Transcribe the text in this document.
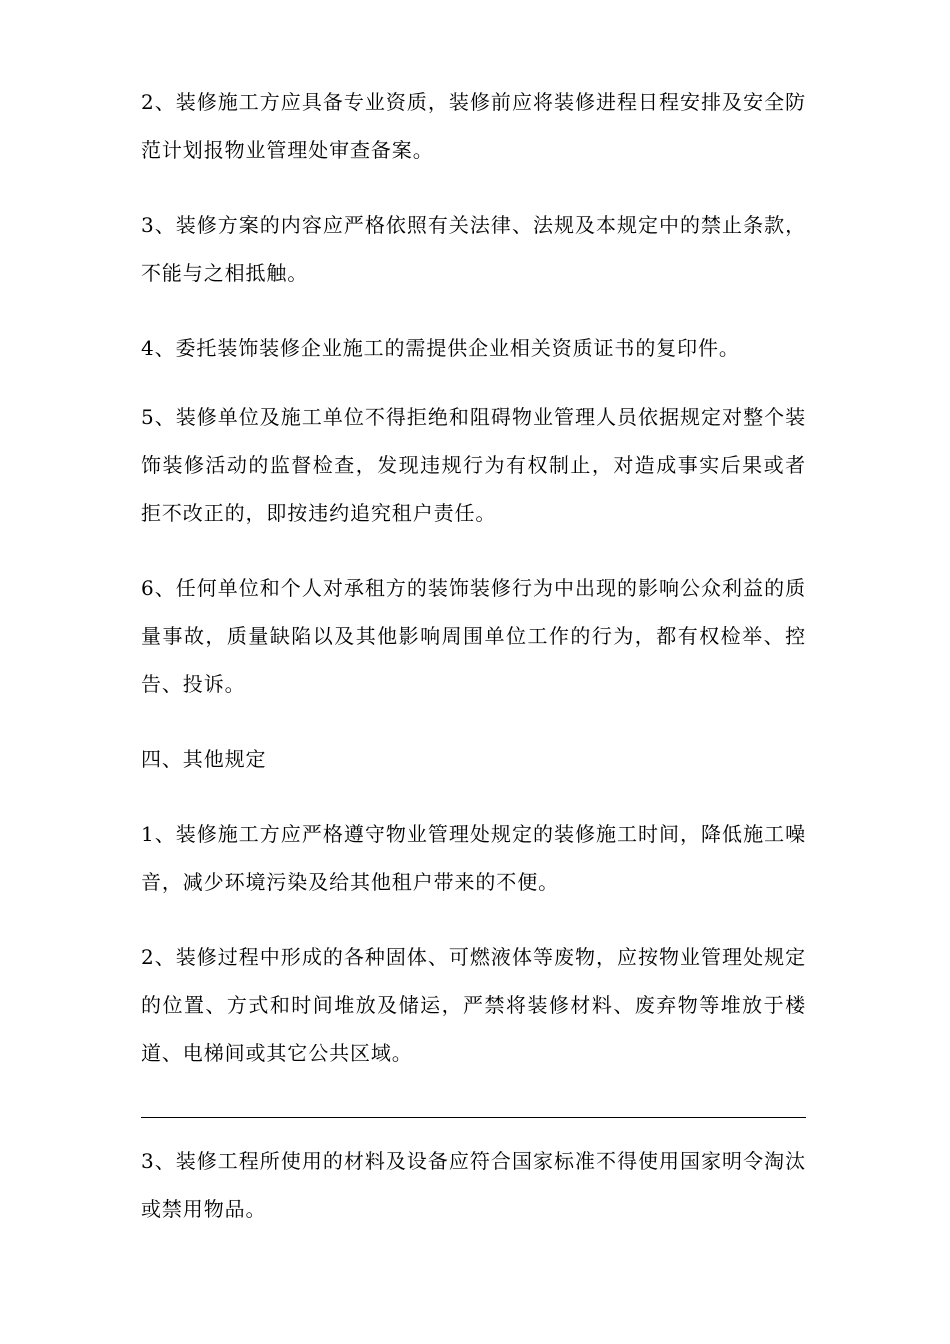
2、装修施工方应具备专业资质，装修前应将装修进程日程安排及安全防范计划报物业管理处审查备案。

3、装修方案的内容应严格依照有关法律、法规及本规定中的禁止条款，不能与之相抵触。

4、委托装饰装修企业施工的需提供企业相关资质证书的复印件。

5、装修单位及施工单位不得拒绝和阻碍物业管理人员依据规定对整个装饰装修活动的监督检查，发现违规行为有权制止，对造成事实后果或者拒不改正的，即按违约追究租户责任。

6、任何单位和个人对承租方的装饰装修行为中出现的影响公众利益的质量事故，质量缺陷以及其他影响周围单位工作的行为，都有权检举、控告、投诉。

四、其他规定

1、装修施工方应严格遵守物业管理处规定的装修施工时间，降低施工噪音，减少环境污染及给其他租户带来的不便。

2、装修过程中形成的各种固体、可燃液体等废物，应按物业管理处规定的位置、方式和时间堆放及储运，严禁将装修材料、废弃物等堆放于楼道、电梯间或其它公共区域。

3、装修工程所使用的材料及设备应符合国家标准不得使用国家明令淘汰或禁用物品。
